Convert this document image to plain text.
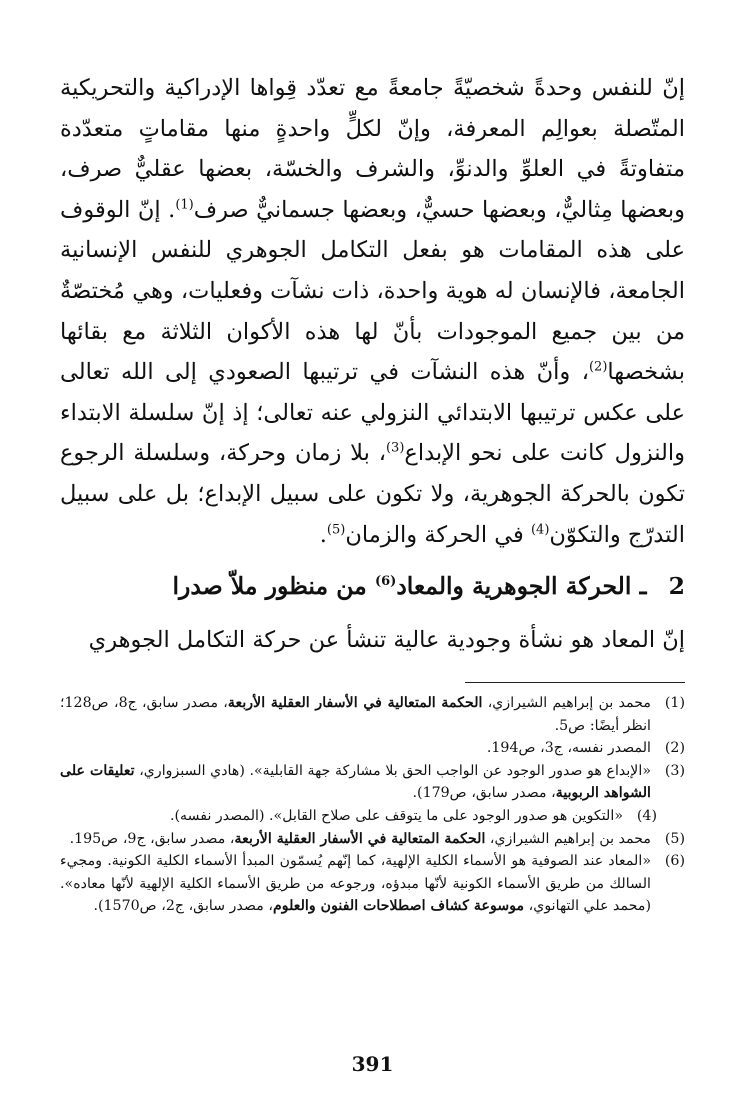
إنّ للنفس وحدةً شخصيّةً جامعةً مع تعدّد قِواها الإدراكية والتحريكية المتّصلة بعوالِم المعرفة، وإنّ لكلٍّ واحدةٍ منها مقاماتٍ متعدّدة متفاوتةً في العلوِّ والدنوِّ، والشرف والخسّة، بعضها عقليٌّ صرف، وبعضها مِثاليٌّ، وبعضها حسيٌّ، وبعضها جسمانيٌّ صرف$^{(1)}$. إنّ الوقوف على هذه المقامات هو بفعل التكامل الجوهري للنفس الإنسانية الجامعة، فالإنسان له هوية واحدة، ذات نشآت وفعليات، وهي مُختصّةٌ من بين جميع الموجودات بأنّ لها هذه الأكوان الثلاثة مع بقائها بشخصها$^{(2)}$، وأنّ هذه النشآت في ترتيبها الصعودي إلى الله تعالى على عكس ترتيبها الابتدائي النزولي عنه تعالى؛ إذ إنّ سلسلة الابتداء والنزول كانت على نحو الإبداع$^{(3)}$، بلا زمان وحركة، وسلسلة الرجوع تكون بالحركة الجوهرية، ولا تكون على سبيل الإبداع؛ بل على سبيل التدرّج والتكوّن$^{(4)}$ في الحركة والزمان$^{(5)}$.

2 ـ الحركة الجوهرية والمعاد$^{(6)}$ من منظور ملاّ صدرا
إنّ المعاد هو نشأة وجودية عالية تنشأ عن حركة التكامل الجوهري
(1)
محمد بن إبراهيم الشيرازي، الحكمة المتعالية في الأسفار العقلية الأربعة، مصدر سابق، ج8، ص128؛ انظر أيضًا: ص5.
(2)
المصدر نفسه، ج3، ص194.
(3)
«الإبداع هو صدور الوجود عن الواجب الحق بلا مشاركة جهة القابلية». (هادي السبزواري، تعليقات على الشواهد الربوبية، مصدر سابق، ص179).
(4)
«التكوين هو صدور الوجود على ما يتوقف على صلاح القابل». (المصدر نفسه).
(5)
محمد بن إبراهيم الشيرازي، الحكمة المتعالية في الأسفار العقلية الأربعة، مصدر سابق، ج9، ص195.
(6)
«المعاد عند الصوفية هو الأسماء الكلية الإلهية، كما إنّهم يُسمّون المبدأ الأسماء الكلية الكونية. ومجيء السالك من طريق الأسماء الكونية لأنّها مبدؤه، ورجوعه من طريق الأسماء الكلية الإلهية لأنّها معاده». (محمد علي التهانوي، موسوعة كشاف اصطلاحات الفنون والعلوم، مصدر سابق، ج2، ص1570).
391
